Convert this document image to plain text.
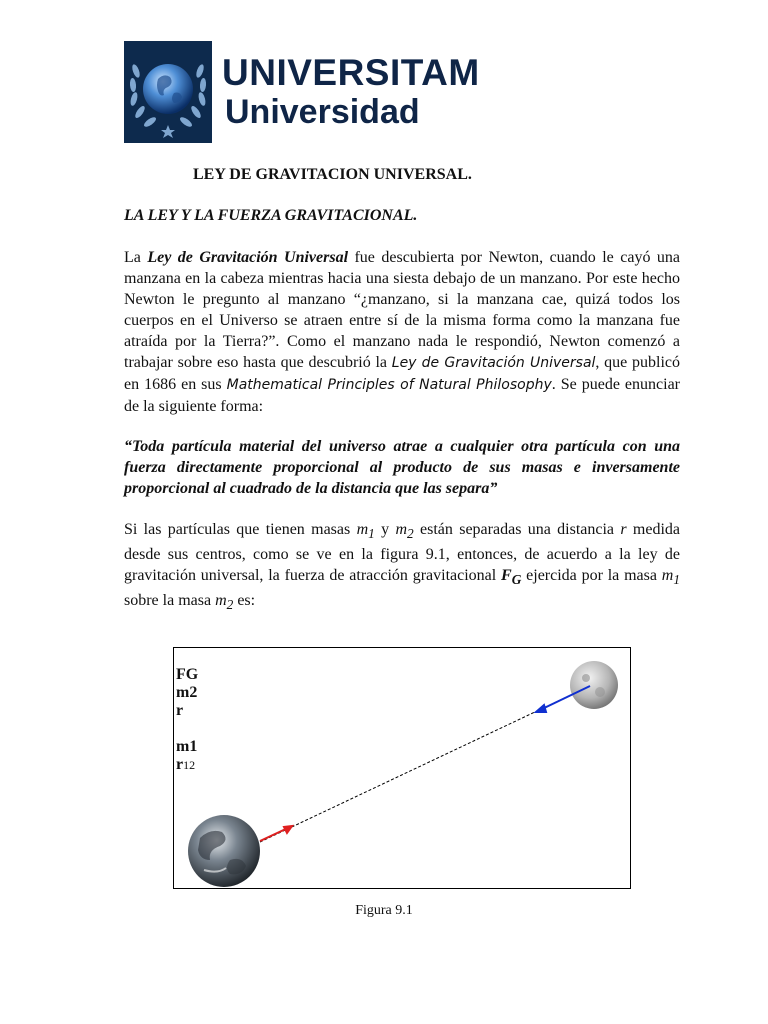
UNIVERSITAM
Universidad
LEY DE GRAVITACION UNIVERSAL.
LA LEY Y LA FUERZA GRAVITACIONAL.
La Ley de Gravitación Universal fue descubierta por Newton, cuando le cayó una manzana en la cabeza mientras hacia una siesta debajo de un manzano. Por este hecho Newton le pregunto al manzano “¿manzano, si la manzana cae, quizá todos los cuerpos en el Universo se atraen entre sí de la misma forma como la manzana fue atraída por la Tierra?”. Como el manzano nada le respondió, Newton comenzó a trabajar sobre eso hasta que descubrió la Ley de Gravitación Universal, que publicó en 1686 en sus Mathematical Principles of Natural Philosophy. Se puede enunciar de la siguiente forma:
“Toda partícula material del universo atrae a cualquier otra partícula con una fuerza directamente proporcional al producto de sus masas e inversamente proporcional al cuadrado de la distancia que las separa”
Si las partículas que tienen masas $m_1$ y $m_2$ están separadas una distancia r medida desde sus centros, como se ve en la figura 9.1, entonces, de acuerdo a la ley de gravitación universal, la fuerza de atracción gravitacional $F_G$ ejercida por la masa $m_1$ sobre la masa $m_2$ es:
FG
m2
r
m1
r12
Figura 9.1
